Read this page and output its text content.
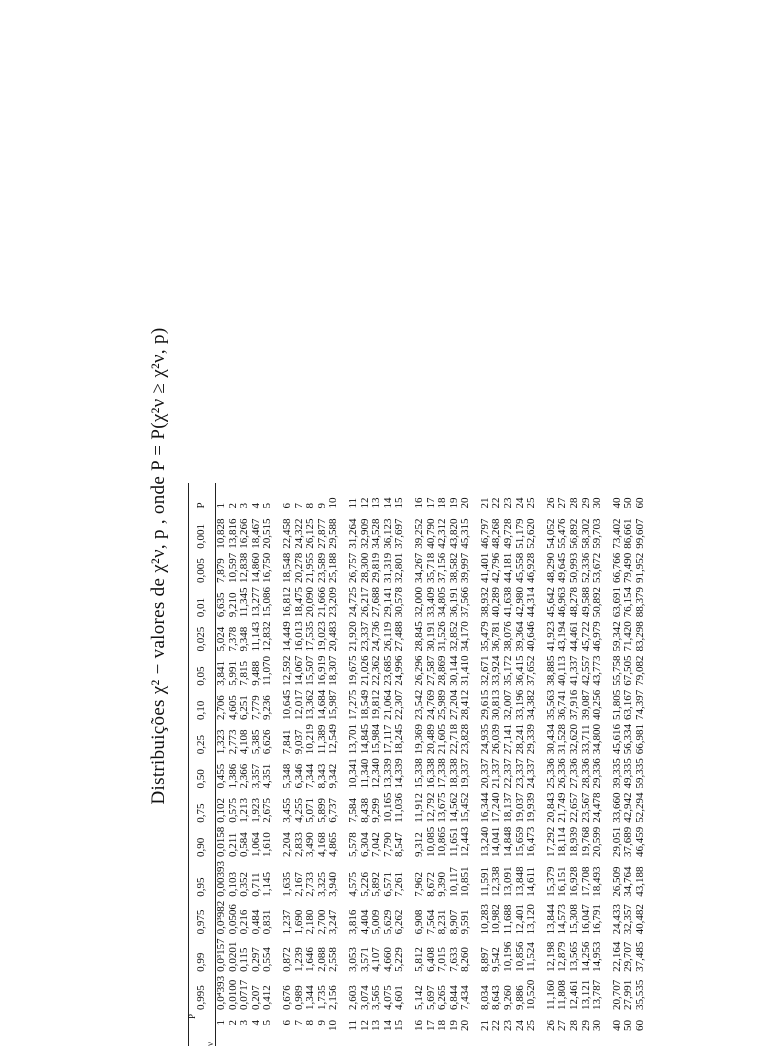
Distribuições χ² − valores de χ²ν, p , onde P = P(χ²ν ≥ χ²ν, p)
P
ν	0,995	0,99	0,975	0,95	0,90	0,75	0,50	0,25	0,10	0,05	0,025	0,01	0,005	0,001	P
1	0,0⁴393	0,0³157	0,0³982	0,00393	0,0158	0,102	0,455	1,323	2,706	3,841	5,024	6,635	7,879	10,828	1
2	0,0100	0,0201	0,0506	0,103	0,211	0,575	1,386	2,773	4,605	5,991	7,378	9,210	10,597	13,816	2
3	0,0717	0,115	0,216	0,352	0,584	1,213	2,366	4,108	6,251	7,815	9,348	11,345	12,838	16,266	3
4	0,207	0,297	0,484	0,711	1,064	1,923	3,357	5,385	7,779	9,488	11,143	13,277	14,860	18,467	4
5	0,412	0,554	0,831	1,145	1,610	2,675	4,351	6,626	9,236	11,070	12,832	15,086	16,750	20,515	5
6	0,676	0,872	1,237	1,635	2,204	3,455	5,348	7,841	10,645	12,592	14,449	16,812	18,548	22,458	6
7	0,989	1,239	1,690	2,167	2,833	4,255	6,346	9,037	12,017	14,067	16,013	18,475	20,278	24,322	7
8	1,344	1,646	2,180	2,733	3,490	5,071	7,344	10,219	13,362	15,507	17,535	20,090	21,955	26,125	8
9	1,735	2,088	2,700	3,325	4,168	5,899	8,343	11,389	14,684	16,919	19,023	21,666	23,589	27,877	9
10	2,156	2,558	3,247	3,940	4,865	6,737	9,342	12,549	15,987	18,307	20,483	23,209	25,188	29,588	10
11	2,603	3,053	3,816	4,575	5,578	7,584	10,341	13,701	17,275	19,675	21,920	24,725	26,757	31,264	11
12	3,074	3,571	4,404	5,226	6,304	8,438	11,340	14,845	18,549	21,026	23,337	26,217	28,300	32,909	12
13	3,565	4,107	5,009	5,892	7,042	9,299	12,340	15,984	19,812	22,362	24,736	27,688	29,819	34,528	13
14	4,075	4,660	5,629	6,571	7,790	10,165	13,339	17,117	21,064	23,685	26,119	29,141	31,319	36,123	14
15	4,601	5,229	6,262	7,261	8,547	11,036	14,339	18,245	22,307	24,996	27,488	30,578	32,801	37,697	15
16	5,142	5,812	6,908	7,962	9,312	11,912	15,338	19,369	23,542	26,296	28,845	32,000	34,267	39,252	16
17	5,697	6,408	7,564	8,672	10,085	12,792	16,338	20,489	24,769	27,587	30,191	33,409	35,718	40,790	17
18	6,265	7,015	8,231	9,390	10,865	13,675	17,338	21,605	25,989	28,869	31,526	34,805	37,156	42,312	18
19	6,844	7,633	8,907	10,117	11,651	14,562	18,338	22,718	27,204	30,144	32,852	36,191	38,582	43,820	19
20	7,434	8,260	9,591	10,851	12,443	15,452	19,337	23,828	28,412	31,410	34,170	37,566	39,997	45,315	20
21	8,034	8,897	10,283	11,591	13,240	16,344	20,337	24,935	29,615	32,671	35,479	38,932	41,401	46,797	21
22	8,643	9,542	10,982	12,338	14,041	17,240	21,337	26,039	30,813	33,924	36,781	40,289	42,796	48,268	22
23	9,260	10,196	11,688	13,091	14,848	18,137	22,337	27,141	32,007	35,172	38,076	41,638	44,181	49,728	23
24	9,886	10,856	12,401	13,848	15,659	19,037	23,337	28,241	33,196	36,415	39,364	42,980	45,558	51,179	24
25	10,520	11,524	13,120	14,611	16,473	19,939	24,337	29,339	34,382	37,652	40,646	44,314	46,928	52,620	25
26	11,160	12,198	13,844	15,379	17,292	20,843	25,336	30,434	35,563	38,885	41,923	45,642	48,290	54,052	26
27	11,808	12,879	14,573	16,151	18,114	21,749	26,336	31,528	36,741	40,113	43,194	46,963	49,645	55,476	27
28	12,461	13,565	15,308	16,928	18,939	22,657	27,336	32,620	37,916	41,337	44,461	48,278	50,993	56,892	28
29	13,121	14,256	16,047	17,708	19,768	23,567	28,336	33,711	39,087	42,557	45,722	49,588	52,336	58,302	29
30	13,787	14,953	16,791	18,493	20,599	24,478	29,336	34,800	40,256	43,773	46,979	50,892	53,672	59,703	30
40	20,707	22,164	24,433	26,509	29,051	33,660	39,335	45,616	51,805	55,758	59,342	63,691	66,766	73,402	40
50	27,991	29,707	32,357	34,764	37,689	42,942	49,335	56,334	63,167	67,505	71,420	76,154	79,490	86,661	50
60	35,535	37,485	40,482	43,188	46,459	52,294	59,335	66,981	74,397	79,082	83,298	88,379	91,952	99,607	60
